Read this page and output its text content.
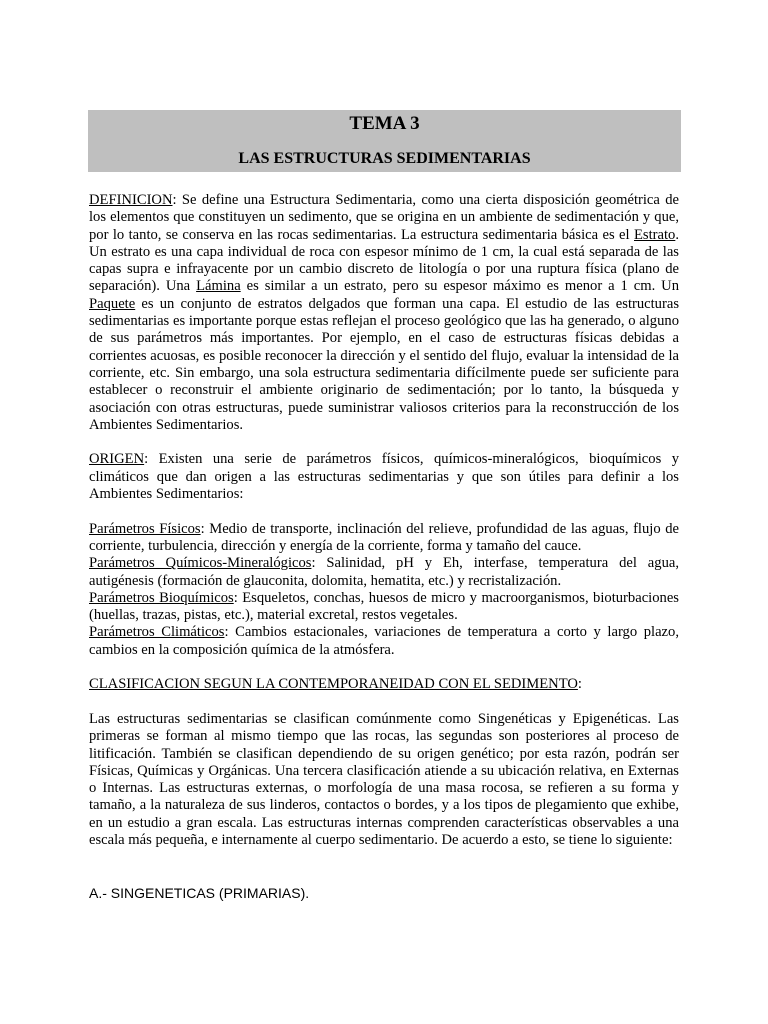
TEMA 3
LAS ESTRUCTURAS SEDIMENTARIAS

DEFINICION: Se define una Estructura Sedimentaria, como una cierta disposición geométrica de los elementos que constituyen un sedimento, que se origina en un ambiente de sedimentación y que, por lo tanto, se conserva en las rocas sedimentarias. La estructura sedimentaria básica es el Estrato. Un estrato es una capa individual de roca con espesor mínimo de 1 cm, la cual está separada de las capas supra e infrayacente por un cambio discreto de litología o por una ruptura física (plano de separación). Una Lámina es similar a un estrato, pero su espesor máximo es menor a 1 cm. Un Paquete es un conjunto de estratos delgados que forman una capa. El estudio de las estructuras sedimentarias es importante porque estas reflejan el proceso geológico que las ha generado, o alguno de sus parámetros más importantes. Por ejemplo, en el caso de estructuras físicas debidas a corrientes acuosas, es posible reconocer la dirección y el sentido del flujo, evaluar la intensidad de la corriente, etc. Sin embargo, una sola estructura sedimentaria difícilmente puede ser suficiente para establecer o reconstruir el ambiente originario de sedimentación; por lo tanto, la búsqueda y asociación con otras estructuras, puede suministrar valiosos criterios para la reconstrucción de los Ambientes Sedimentarios.

ORIGEN: Existen una serie de parámetros físicos, químicos-mineralógicos, bioquímicos y climáticos que dan origen a las estructuras sedimentarias y que son útiles para definir a los Ambientes Sedimentarios:

Parámetros Físicos: Medio de transporte, inclinación del relieve, profundidad de las aguas, flujo de corriente, turbulencia, dirección y energía de la corriente, forma y tamaño del cauce.

Parámetros Químicos-Mineralógicos: Salinidad, pH y Eh, interfase, temperatura del agua, autigénesis (formación de glauconita, dolomita, hematita, etc.) y recristalización.

Parámetros Bioquímicos: Esqueletos, conchas, huesos de micro y macroorganismos, bioturbaciones (huellas, trazas, pistas, etc.), material excretal, restos vegetales.

Parámetros Climáticos: Cambios estacionales, variaciones de temperatura a corto y largo plazo, cambios en la composición química de la atmósfera.

CLASIFICACION SEGUN LA CONTEMPORANEIDAD CON EL SEDIMENTO:

Las estructuras sedimentarias se clasifican comúnmente como Singenéticas y Epigenéticas. Las primeras se forman al mismo tiempo que las rocas, las segundas son posteriores al proceso de litificación. También se clasifican dependiendo de su origen genético; por esta razón, podrán ser Físicas, Químicas y Orgánicas. Una tercera clasificación atiende a su ubicación relativa, en Externas o Internas. Las estructuras externas, o morfología de una masa rocosa, se refieren a su forma y tamaño, a la naturaleza de sus linderos, contactos o bordes, y a los tipos de plegamiento que exhibe, en un estudio a gran escala. Las estructuras internas comprenden características observables a una escala más pequeña, e internamente al cuerpo sedimentario. De acuerdo a esto, se tiene lo siguiente:

A.- SINGENETICAS (PRIMARIAS).
